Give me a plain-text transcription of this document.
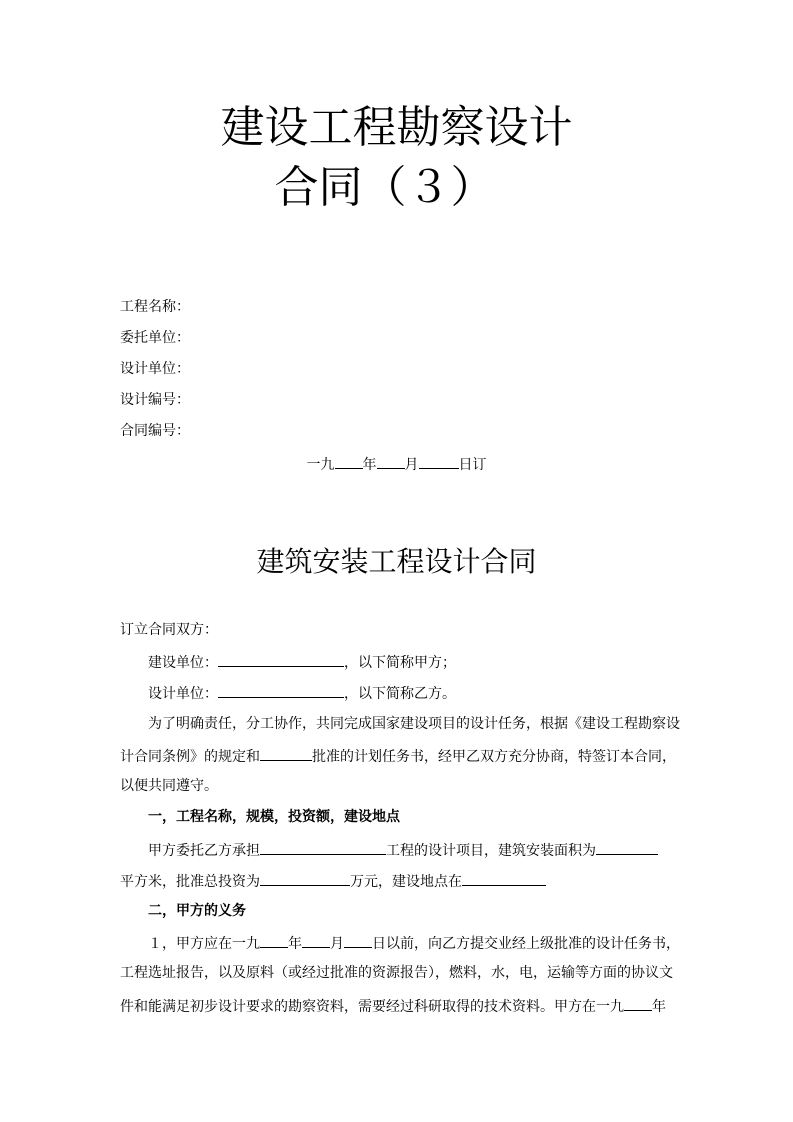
建设工程勘察设计
合同（３）
工程名称：
委托单位：
设计单位：
设计编号：
合同编号：
一九 年 月	日订
建筑安装工程设计合同
订立合同双方：
建设单位：	，以下简称甲方；
设计单位：	，以下简称乙方。
为了明确责任，分工协作，共同完成国家建设项目的设计任务，根据《建设工程勘察设
计合同条例》的规定和	批准的计划任务书，经甲乙双方充分协商，特签订本合同，
以便共同遵守。
一，工程名称，规模，投资额，建设地点
甲方委托乙方承担	工程的设计项目，建筑安装面积为
平方米，批准总投资为	万元，建设地点在
二，甲方的义务
１，甲方应在一九 年 月 日以前，向乙方提交业经上级批准的设计任务书，
工程选址报告，以及原料（或经过批准的资源报告），燃料，水，电，运输等方面的协议文
件和能满足初步设计要求的勘察资料，需要经过科研取得的技术资料。甲方在一九 年
